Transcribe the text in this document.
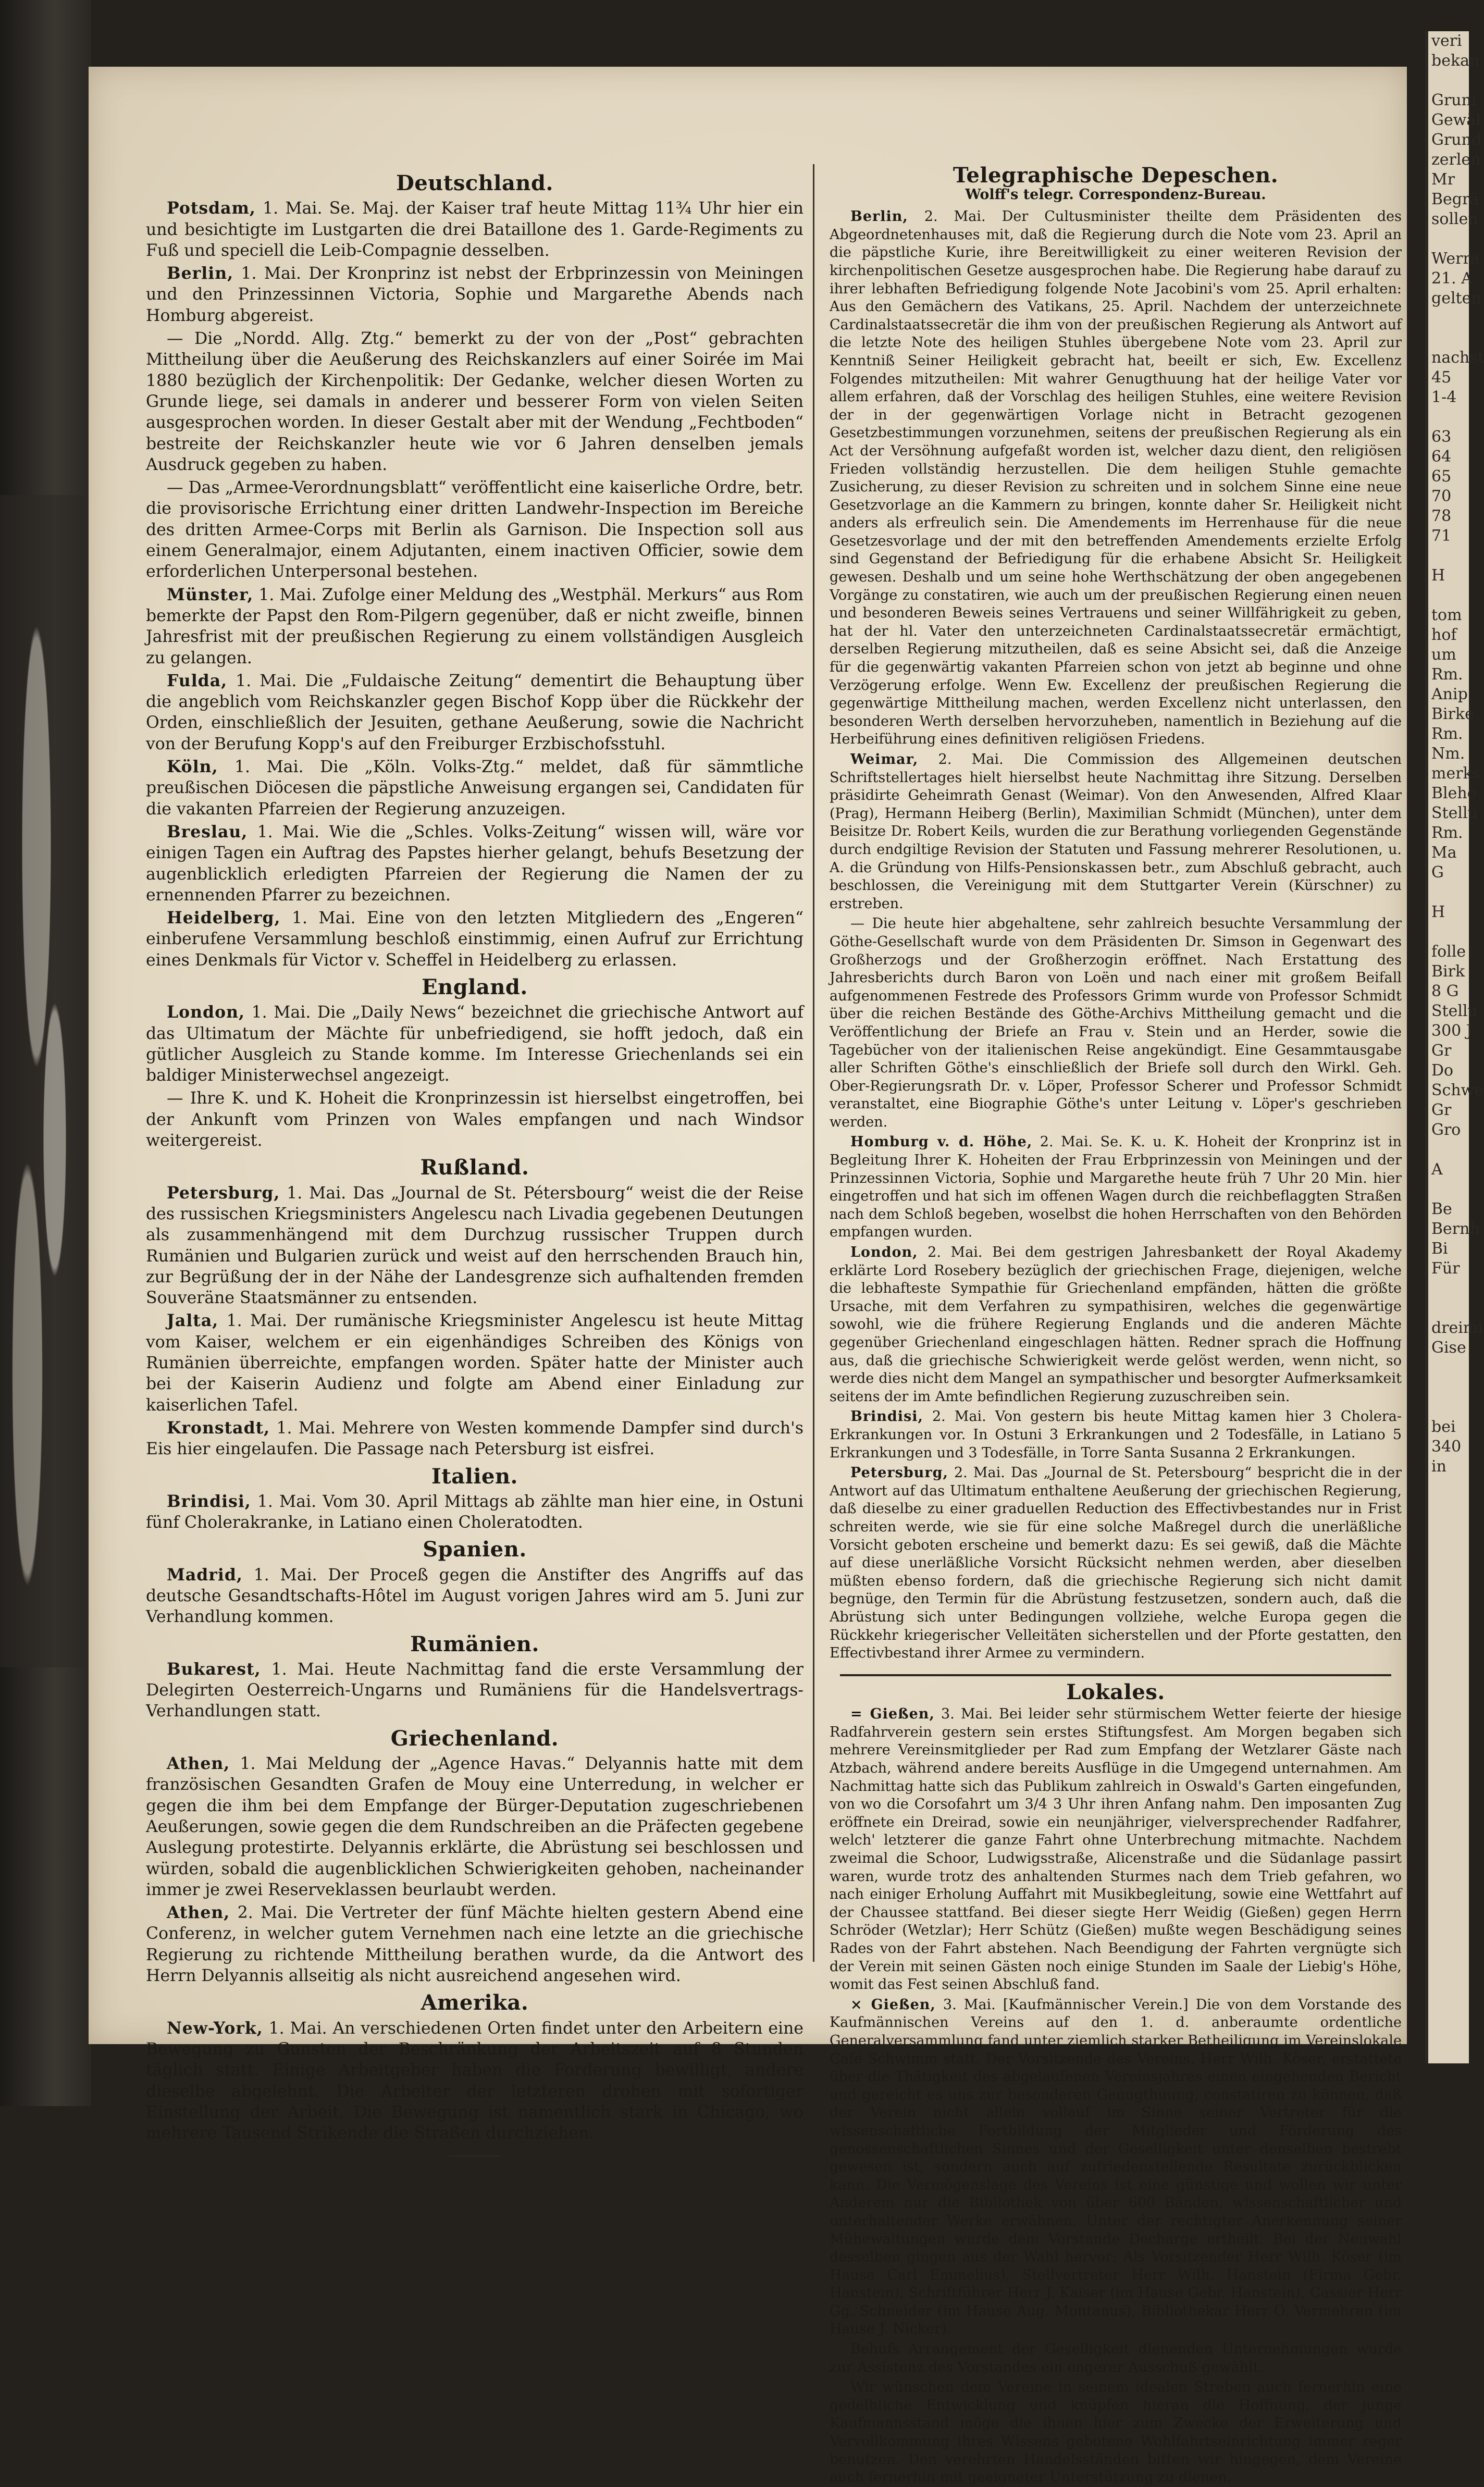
Deutschland.

Potsdam, 1. Mai. Se. Maj. der Kaiser traf heute Mittag 11¾ Uhr hier ein und besichtigte im Lustgarten die drei Bataillone des 1. Garde-Regiments zu Fuß und speciell die Leib-Compagnie desselben.

Berlin, 1. Mai. Der Kronprinz ist nebst der Erbprinzessin von Meiningen und den Prinzessinnen Victoria, Sophie und Margarethe Abends nach Homburg abgereist.

— Die „Nordd. Allg. Ztg.“ bemerkt zu der von der „Post“ gebrachten Mittheilung über die Aeußerung des Reichskanzlers auf einer Soirée im Mai 1880 bezüglich der Kirchenpolitik: Der Gedanke, welcher diesen Worten zu Grunde liege, sei damals in anderer und besserer Form von vielen Seiten ausgesprochen worden. In dieser Gestalt aber mit der Wendung „Fechtboden“ bestreite der Reichskanzler heute wie vor 6 Jahren denselben jemals Ausdruck gegeben zu haben.

— Das „Armee-Verordnungsblatt“ veröffentlicht eine kaiserliche Ordre, betr. die provisorische Errichtung einer dritten Landwehr-Inspection im Bereiche des dritten Armee-Corps mit Berlin als Garnison. Die Inspection soll aus einem Generalmajor, einem Adjutanten, einem inactiven Officier, sowie dem erforderlichen Unterpersonal bestehen.

Münster, 1. Mai. Zufolge einer Meldung des „Westphäl. Merkurs“ aus Rom bemerkte der Papst den Rom-Pilgern gegenüber, daß er nicht zweifle, binnen Jahresfrist mit der preußischen Regierung zu einem vollständigen Ausgleich zu gelangen.

Fulda, 1. Mai. Die „Fuldaische Zeitung“ dementirt die Behauptung über die angeblich vom Reichskanzler gegen Bischof Kopp über die Rückkehr der Orden, einschließlich der Jesuiten, gethane Aeußerung, sowie die Nachricht von der Berufung Kopp's auf den Freiburger Erzbischofsstuhl.

Köln, 1. Mai. Die „Köln. Volks-Ztg.“ meldet, daß für sämmtliche preußischen Diöcesen die päpstliche Anweisung ergangen sei, Candidaten für die vakanten Pfarreien der Regierung anzuzeigen.

Breslau, 1. Mai. Wie die „Schles. Volks-Zeitung“ wissen will, wäre vor einigen Tagen ein Auftrag des Papstes hierher gelangt, behufs Besetzung der augenblicklich erledigten Pfarreien der Regierung die Namen der zu ernennenden Pfarrer zu bezeichnen.

Heidelberg, 1. Mai. Eine von den letzten Mitgliedern des „Engeren“ einberufene Versammlung beschloß einstimmig, einen Aufruf zur Errichtung eines Denkmals für Victor v. Scheffel in Heidelberg zu erlassen.

England.

London, 1. Mai. Die „Daily News“ bezeichnet die griechische Antwort auf das Ultimatum der Mächte für unbefriedigend, sie hofft jedoch, daß ein gütlicher Ausgleich zu Stande komme. Im Interesse Griechenlands sei ein baldiger Ministerwechsel angezeigt.

— Ihre K. und K. Hoheit die Kronprinzessin ist hierselbst eingetroffen, bei der Ankunft vom Prinzen von Wales empfangen und nach Windsor weitergereist.

Rußland.

Petersburg, 1. Mai. Das „Journal de St. Pétersbourg“ weist die der Reise des russischen Kriegsministers Angelescu nach Livadia gegebenen Deutungen als zusammenhängend mit dem Durchzug russischer Truppen durch Rumänien und Bulgarien zurück und weist auf den herrschenden Brauch hin, zur Begrüßung der in der Nähe der Landesgrenze sich aufhaltenden fremden Souveräne Staatsmänner zu entsenden.

Jalta, 1. Mai. Der rumänische Kriegsminister Angelescu ist heute Mittag vom Kaiser, welchem er ein eigenhändiges Schreiben des Königs von Rumänien überreichte, empfangen worden. Später hatte der Minister auch bei der Kaiserin Audienz und folgte am Abend einer Einladung zur kaiserlichen Tafel.

Kronstadt, 1. Mai. Mehrere von Westen kommende Dampfer sind durch's Eis hier eingelaufen. Die Passage nach Petersburg ist eisfrei.

Italien.

Brindisi, 1. Mai. Vom 30. April Mittags ab zählte man hier eine, in Ostuni fünf Cholerakranke, in Latiano einen Choleratodten.

Spanien.

Madrid, 1. Mai. Der Proceß gegen die Anstifter des Angriffs auf das deutsche Gesandtschafts-Hôtel im August vorigen Jahres wird am 5. Juni zur Verhandlung kommen.

Rumänien.

Bukarest, 1. Mai. Heute Nachmittag fand die erste Versammlung der Delegirten Oesterreich-Ungarns und Rumäniens für die Handelsvertrags-Verhandlungen statt.

Griechenland.

Athen, 1. Mai Meldung der „Agence Havas.“ Delyannis hatte mit dem französischen Gesandten Grafen de Mouy eine Unterredung, in welcher er gegen die ihm bei dem Empfange der Bürger-Deputation zugeschriebenen Aeußerungen, sowie gegen die dem Rundschreiben an die Präfecten gegebene Auslegung protestirte. Delyannis erklärte, die Abrüstung sei beschlossen und würden, sobald die augenblicklichen Schwierigkeiten gehoben, nacheinander immer je zwei Reserveklassen beurlaubt werden.

Athen, 2. Mai. Die Vertreter der fünf Mächte hielten gestern Abend eine Conferenz, in welcher gutem Vernehmen nach eine letzte an die griechische Regierung zu richtende Mittheilung berathen wurde, da die Antwort des Herrn Delyannis allseitig als nicht ausreichend angesehen wird.

Amerika.

New-York, 1. Mai. An verschiedenen Orten findet unter den Arbeitern eine Bewegung zu Gunsten der Beschränkung der Arbeitszeit auf 8 Stunden täglich statt. Einige Arbeitgeber haben die Forderung bewilligt, andere dieselbe abgelehnt. Die Arbeiter der letzteren drohen mit sofortiger Einstellung der Arbeit. Die Bewegung ist namentlich stark in Chicago, wo mehrere Tausend Strikende die Straßen durchziehen.

Telegraphische Depeschen.
Wolff's telegr. Correspondenz-Bureau.

Berlin, 2. Mai. Der Cultusminister theilte dem Präsidenten des Abgeordnetenhauses mit, daß die Regierung durch die Note vom 23. April an die päpstliche Kurie, ihre Bereitwilligkeit zu einer weiteren Revision der kirchenpolitischen Gesetze ausgesprochen habe. Die Regierung habe darauf zu ihrer lebhaften Befriedigung folgende Note Jacobini's vom 25. April erhalten: Aus den Gemächern des Vatikans, 25. April. Nachdem der unterzeichnete Cardinalstaatssecretär die ihm von der preußischen Regierung als Antwort auf die letzte Note des heiligen Stuhles übergebene Note vom 23. April zur Kenntniß Seiner Heiligkeit gebracht hat, beeilt er sich, Ew. Excellenz Folgendes mitzutheilen: Mit wahrer Genugthuung hat der heilige Vater vor allem erfahren, daß der Vorschlag des heiligen Stuhles, eine weitere Revision der in der gegenwärtigen Vorlage nicht in Betracht gezogenen Gesetzbestimmungen vorzunehmen, seitens der preußischen Regierung als ein Act der Versöhnung aufgefaßt worden ist, welcher dazu dient, den religiösen Frieden vollständig herzustellen. Die dem heiligen Stuhle gemachte Zusicherung, zu dieser Revision zu schreiten und in solchem Sinne eine neue Gesetzvorlage an die Kammern zu bringen, konnte daher Sr. Heiligkeit nicht anders als erfreulich sein. Die Amendements im Herrenhause für die neue Gesetzesvorlage und der mit den betreffenden Amendements erzielte Erfolg sind Gegenstand der Befriedigung für die erhabene Absicht Sr. Heiligkeit gewesen. Deshalb und um seine hohe Werthschätzung der oben angegebenen Vorgänge zu constatiren, wie auch um der preußischen Regierung einen neuen und besonderen Beweis seines Vertrauens und seiner Willfährigkeit zu geben, hat der hl. Vater den unterzeichneten Cardinalstaatssecretär ermächtigt, derselben Regierung mitzutheilen, daß es seine Absicht sei, daß die Anzeige für die gegenwärtig vakanten Pfarreien schon von jetzt ab beginne und ohne Verzögerung erfolge. Wenn Ew. Excellenz der preußischen Regierung die gegenwärtige Mittheilung machen, werden Excellenz nicht unterlassen, den besonderen Werth derselben hervorzuheben, namentlich in Beziehung auf die Herbeiführung eines definitiven religiösen Friedens.

Weimar, 2. Mai. Die Commission des Allgemeinen deutschen Schriftstellertages hielt hierselbst heute Nachmittag ihre Sitzung. Derselben präsidirte Geheimrath Genast (Weimar). Von den Anwesenden, Alfred Klaar (Prag), Hermann Heiberg (Berlin), Maximilian Schmidt (München), unter dem Beisitze Dr. Robert Keils, wurden die zur Berathung vorliegenden Gegenstände durch endgiltige Revision der Statuten und Fassung mehrerer Resolutionen, u. A. die Gründung von Hilfs-Pensionskassen betr., zum Abschluß gebracht, auch beschlossen, die Vereinigung mit dem Stuttgarter Verein (Kürschner) zu erstreben.

— Die heute hier abgehaltene, sehr zahlreich besuchte Versammlung der Göthe-Gesellschaft wurde von dem Präsidenten Dr. Simson in Gegenwart des Großherzogs und der Großherzogin eröffnet. Nach Erstattung des Jahresberichts durch Baron von Loën und nach einer mit großem Beifall aufgenommenen Festrede des Professors Grimm wurde von Professor Schmidt über die reichen Bestände des Göthe-Archivs Mittheilung gemacht und die Veröffentlichung der Briefe an Frau v. Stein und an Herder, sowie die Tagebücher von der italienischen Reise angekündigt. Eine Gesammtausgabe aller Schriften Göthe's einschließlich der Briefe soll durch den Wirkl. Geh. Ober-Regierungsrath Dr. v. Löper, Professor Scherer und Professor Schmidt veranstaltet, eine Biographie Göthe's unter Leitung v. Löper's geschrieben werden.

Homburg v. d. Höhe, 2. Mai. Se. K. u. K. Hoheit der Kronprinz ist in Begleitung Ihrer K. Hoheiten der Frau Erbprinzessin von Meiningen und der Prinzessinnen Victoria, Sophie und Margarethe heute früh 7 Uhr 20 Min. hier eingetroffen und hat sich im offenen Wagen durch die reichbeflaggten Straßen nach dem Schloß begeben, woselbst die hohen Herrschaften von den Behörden empfangen wurden.

London, 2. Mai. Bei dem gestrigen Jahresbankett der Royal Akademy erklärte Lord Rosebery bezüglich der griechischen Frage, diejenigen, welche die lebhafteste Sympathie für Griechenland empfänden, hätten die größte Ursache, mit dem Verfahren zu sympathisiren, welches die gegenwärtige sowohl, wie die frühere Regierung Englands und die anderen Mächte gegenüber Griechenland eingeschlagen hätten. Redner sprach die Hoffnung aus, daß die griechische Schwierigkeit werde gelöst werden, wenn nicht, so werde dies nicht dem Mangel an sympathischer und besorgter Aufmerksamkeit seitens der im Amte befindlichen Regierung zuzuschreiben sein.

Brindisi, 2. Mai. Von gestern bis heute Mittag kamen hier 3 Cholera-Erkrankungen vor. In Ostuni 3 Erkrankungen und 2 Todesfälle, in Latiano 5 Erkrankungen und 3 Todesfälle, in Torre Santa Susanna 2 Erkrankungen.

Petersburg, 2. Mai. Das „Journal de St. Petersbourg“ bespricht die in der Antwort auf das Ultimatum enthaltene Aeußerung der griechischen Regierung, daß dieselbe zu einer graduellen Reduction des Effectivbestandes nur in Frist schreiten werde, wie sie für eine solche Maßregel durch die unerläßliche Vorsicht geboten erscheine und bemerkt dazu: Es sei gewiß, daß die Mächte auf diese unerläßliche Vorsicht Rücksicht nehmen werden, aber dieselben müßten ebenso fordern, daß die griechische Regierung sich nicht damit begnüge, den Termin für die Abrüstung festzusetzen, sondern auch, daß die Abrüstung sich unter Bedingungen vollziehe, welche Europa gegen die Rückkehr kriegerischer Velleitäten sicherstellen und der Pforte gestatten, den Effectivbestand ihrer Armee zu vermindern.

Lokales.

= Gießen, 3. Mai. Bei leider sehr stürmischem Wetter feierte der hiesige Radfahrverein gestern sein erstes Stiftungsfest. Am Morgen begaben sich mehrere Vereinsmitglieder per Rad zum Empfang der Wetzlarer Gäste nach Atzbach, während andere bereits Ausflüge in die Umgegend unternahmen. Am Nachmittag hatte sich das Publikum zahlreich in Oswald's Garten eingefunden, von wo die Corsofahrt um 3/4 3 Uhr ihren Anfang nahm. Den imposanten Zug eröffnete ein Dreirad, sowie ein neunjähriger, vielversprechender Radfahrer, welch' letzterer die ganze Fahrt ohne Unterbrechung mitmachte. Nachdem zweimal die Schoor, Ludwigsstraße, Alicenstraße und die Südanlage passirt waren, wurde trotz des anhaltenden Sturmes nach dem Trieb gefahren, wo nach einiger Erholung Auffahrt mit Musikbegleitung, sowie eine Wettfahrt auf der Chaussee stattfand. Bei dieser siegte Herr Weidig (Gießen) gegen Herrn Schröder (Wetzlar); Herr Schütz (Gießen) mußte wegen Beschädigung seines Rades von der Fahrt abstehen. Nach Beendigung der Fahrten vergnügte sich der Verein mit seinen Gästen noch einige Stunden im Saale der Liebig's Höhe, womit das Fest seinen Abschluß fand.

× Gießen, 3. Mai. [Kaufmännischer Verein.] Die von dem Vorstande des Kaufmännischen Vereins auf den 1. d. anberaumte ordentliche Generalversammlung fand unter ziemlich starker Betheiligung im Vereinslokale Café Schwimm statt. Der Vorsitzende des Vereins, Herr Wilh. Köser, erstattete über die Thätigkeit des abgelaufenen Vereinsjahres einen eingehenden Bericht und gereicht es uns zur besonderen Genugthuung, constatiren zu können, daß der Verein nicht allein vollauf im Sinne seiner Vertreter für die wissenschaftliche Fortbildung der Mitglieder und Förderung des genossenschaftlichen Sinnes und der Geselligkeit unter denselben bestrebt gewesen ist, sondern auch auf zufriedenstellende Resultate zurückblicken kann. Die Vermögenslage des Vereins ist eine günstige und wollen wir unter Anderem nur die Bibliothek von über 600 Bänden, wissenschaftlicher und unterhaltender Werke erwähnen. Unter der rechtigter Anerkennung seiner Mühewaltungen wurde dem Vorstande Decharge ertheilt. Bei der Neuwahl desselben gingen aus der Wahl hervor: Als Vorsitzender Herr Wilh. Köser (im Hause Carl Emmelius), Stellvertreter Herr Wilh. Hanstein (Firma Gebr. Hanstein), Schriftführer Herr J. Kaiser (im Hause Gebr. Hanstein), Cassier Herr Gg. Schneider (im Hause Aug. Montanus), Bibliothekar Herr O. Vermehren (im Hause J. Nicker).

Behufs Arrangement der Geselligkeit dienenden Unternehmungen wurde zur Assistenz des Vorstandes ein engerer Ausschuß gewählt.

Wir wünschen dem Vereine in seinem idealen Streben auch fernerhin eine gedeihliche Entwicklung und knüpfen hieran die Hoffnung, der junge Kaufmannsstand möge die ihnen hier zum Zwecke der Erweiterung und Vervollkommung ihres Wissens gebotene Wohlfahrtseinrichtung immer reger benutzen. Den verehrten Handelsständen bitten wir hingegen, dem Vereine auch fernerhin mit geeigneter Unterstützung zu dienen.

veri
bekan

Gruni
Gewäl
Grund
zerlen
Mr
Begrä
sollen

Werra
21. A
gelten

nachst
45
1-4

63
64
65
70
78
71

H

tom
hof
um
Rm.
Anip
Birke
Rm.
Nm.
merks
Blehe
Stellu
Rm.
Ma
G

H

folle
Birk
8 G
Stellu
300 J
Gr
Do
Schwe
Gr
Gro

A

Be
Bernh
Bi
Für

dreimi
Gise

bei
340
in
